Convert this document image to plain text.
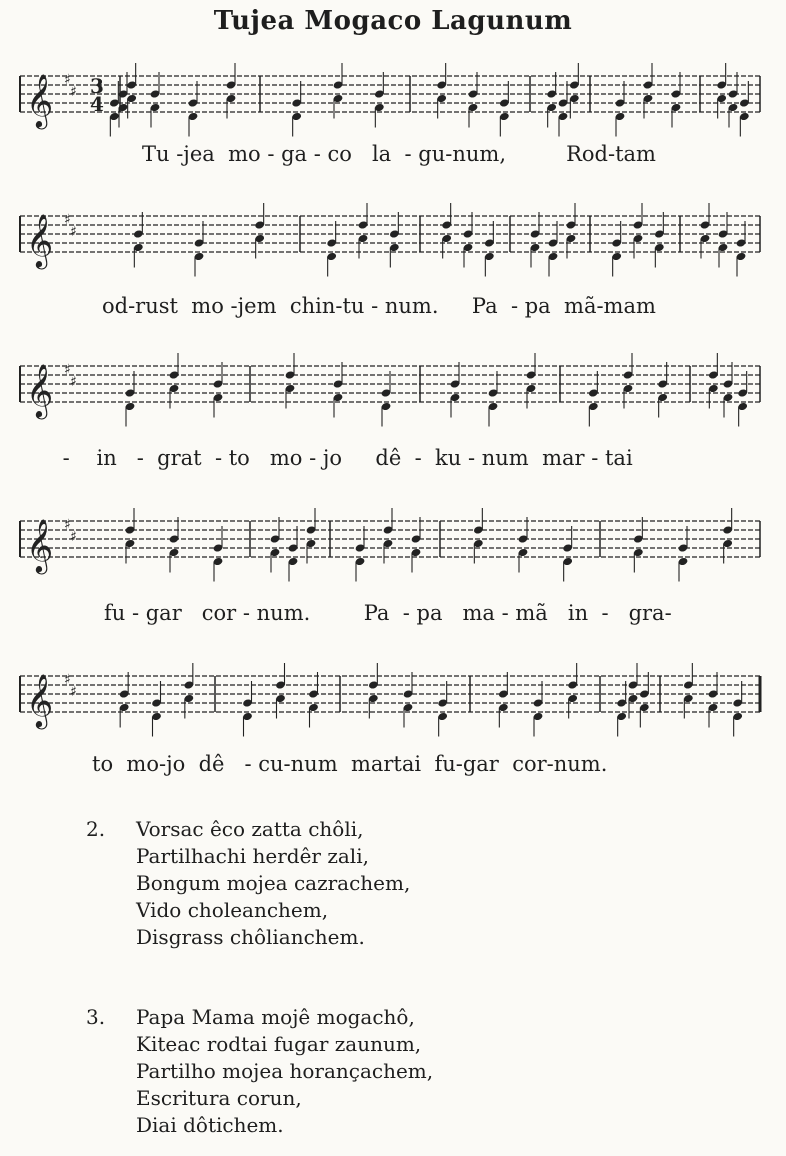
Tujea Mogaco Lagunum
𝄞 ♯
♯ 3
4
Tu -jea  mo - ga - co   la  - gu-num,         Rod-tam
𝄞 ♯
♯
od-rust  mo -jem  chin-tu - num.     Pa  - pa  mã-mam
𝄞 ♯
♯
-    in   -  grat  - to   mo - jo     dê  -  ku - num  mar - tai
𝄞 ♯
♯
fu - gar   cor - num.        Pa  - pa   ma - mã   in  -   gra-
𝄞 ♯
♯
to  mo-jo  dê   - cu-num  martai  fu-gar  cor-num.
2.	Vorsac êco zatta chôli,
Partilhachi herdêr zali,
Bongum mojea cazrachem,
Vido choleanchem,
Disgrass chôlianchem.
3.	Papa Mama mojê mogachô,
Kiteac rodtai fugar zaunum,
Partilho mojea horançachem,
Escritura corun,
Diai dôtichem.
